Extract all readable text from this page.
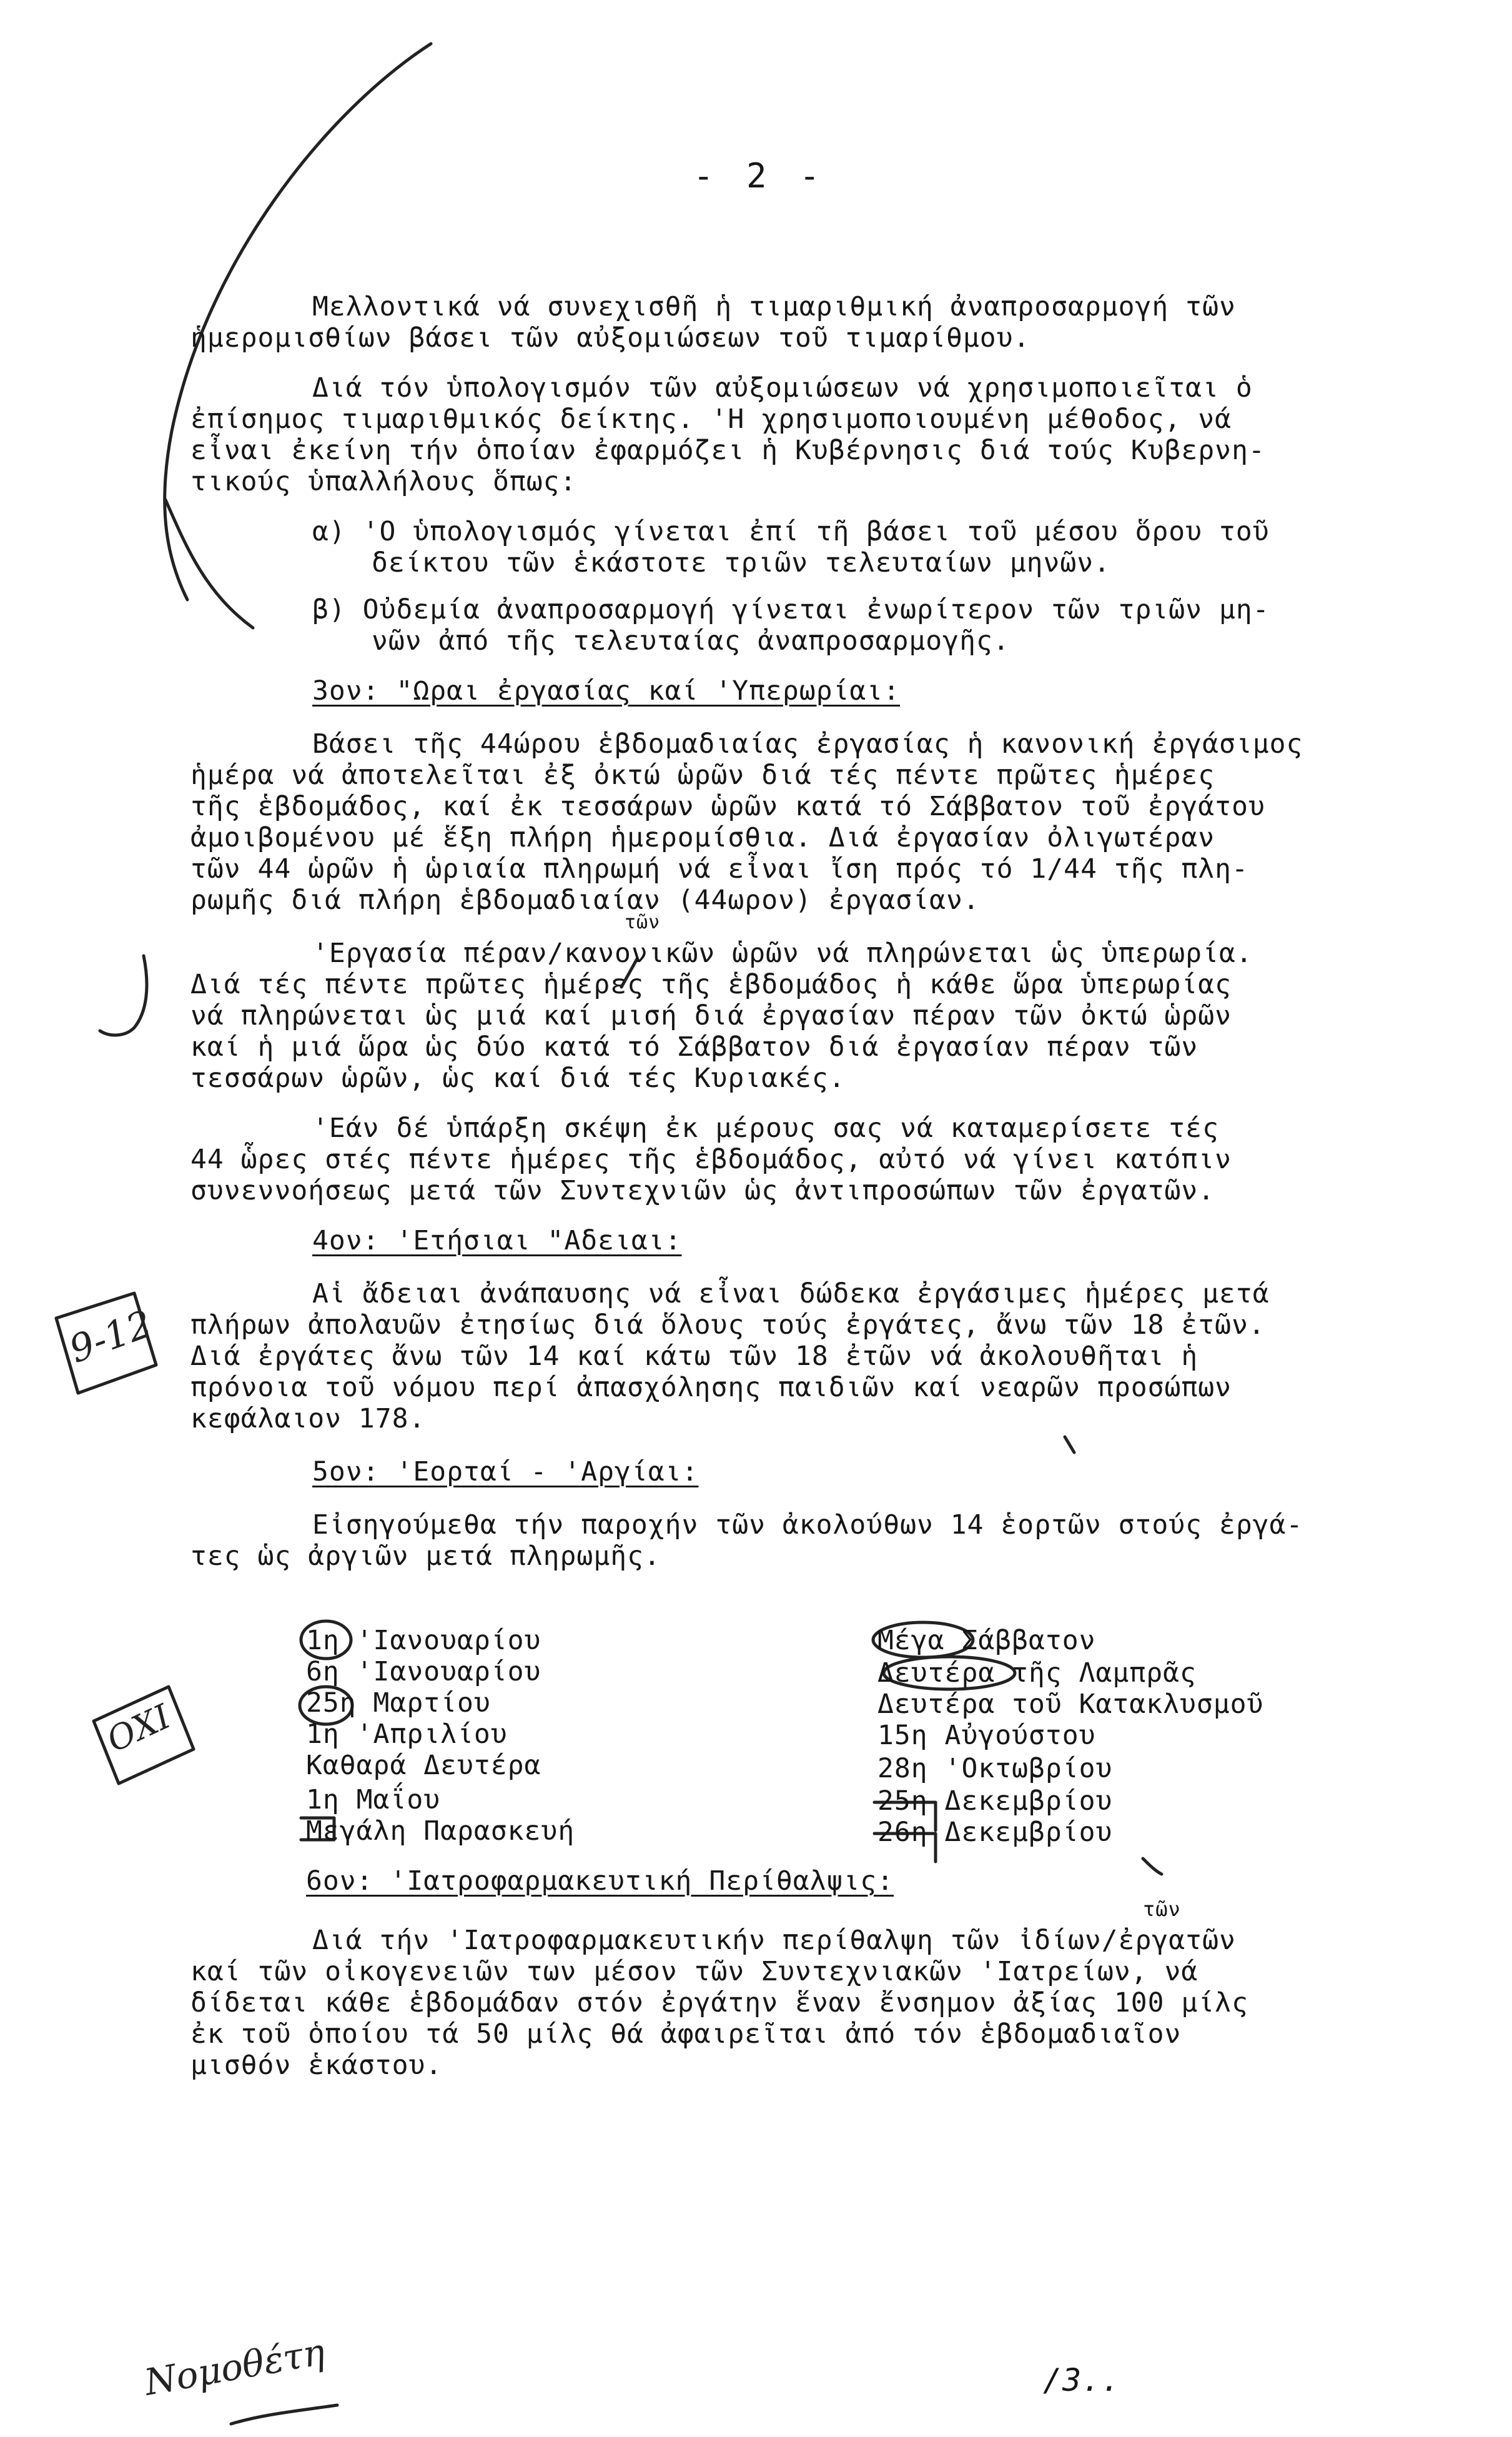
- 2 -
Μελλοντικά νά συνεχισθῆ ἡ τιμαριθμική ἀναπροσαρμογή τῶν
ἡμερομισθίων βάσει τῶν αὐξομιώσεων τοῦ τιμαρίθμου.
Διά τόν ὑπολογισμόν τῶν αὐξομιώσεων νά χρησιμοποιεῖται ὁ
ἐπίσημος τιμαριθμικός δείκτης. 'Η χρησιμοποιουμένη μέθοδος, νά
εἶναι ἐκείνη τήν ὁποίαν ἐφαρμόζει ἡ Κυβέρνησις διά τούς Κυβερνη-
τικούς ὑπαλλήλους ὅπως:
α) 'Ο ὑπολογισμός γίνεται ἐπί τῆ βάσει τοῦ μέσου ὅρου τοῦ
δείκτου τῶν ἑκάστοτε τριῶν τελευταίων μηνῶν.
β) Οὐδεμία ἀναπροσαρμογή γίνεται ἐνωρίτερον τῶν τριῶν μη-
νῶν ἀπό τῆς τελευταίας ἀναπροσαρμογῆς.
3ον: "Ωραι ἐργασίας καί 'Υπερωρίαι:
Βάσει τῆς 44ώρου ἑβδομαδιαίας ἐργασίας ἡ κανονική ἐργάσιμος
ἡμέρα νά ἀποτελεῖται ἐξ ὀκτώ ὡρῶν διά τές πέντε πρῶτες ἡμέρες
τῆς ἑβδομάδος, καί ἐκ τεσσάρων ὡρῶν κατά τό Σάββατον τοῦ ἐργάτου
ἀμοιβομένου μέ ἕξη πλήρη ἡμερομίσθια. Διά ἐργασίαν ὀλιγωτέραν
τῶν 44 ὡρῶν ἡ ὡριαία πληρωμή νά εἶναι ἴση πρός τό 1/44 τῆς πλη-
ρωμῆς διά πλήρη ἑβδομαδιαίαν (44ωρον) ἐργασίαν.
τῶν
'Εργασία πέραν/κανονικῶν ὡρῶν νά πληρώνεται ὡς ὑπερωρία.
Διά τές πέντε πρῶτες ἡμέρες τῆς ἑβδομάδος ἡ κάθε ὥρα ὑπερωρίας
νά πληρώνεται ὡς μιά καί μισή διά ἐργασίαν πέραν τῶν ὀκτώ ὡρῶν
καί ἡ μιά ὥρα ὡς δύο κατά τό Σάββατον διά ἐργασίαν πέραν τῶν
τεσσάρων ὡρῶν, ὡς καί διά τές Κυριακές.
'Εάν δέ ὑπάρξη σκέψη ἐκ μέρους σας νά καταμερίσετε τές
44 ὧρες στές πέντε ἡμέρες τῆς ἑβδομάδος, αὐτό νά γίνει κατόπιν
συνεννοήσεως μετά τῶν Συντεχνιῶν ὡς ἀντιπροσώπων τῶν ἐργατῶν.
4ον: 'Ετήσιαι "Αδειαι:
Αἱ ἄδειαι ἀνάπαυσης νά εἶναι δώδεκα ἐργάσιμες ἡμέρες μετά
πλήρων ἀπολαυῶν ἐτησίως διά ὅλους τούς ἐργάτες, ἄνω τῶν 18 ἐτῶν.
Διά ἐργάτες ἄνω τῶν 14 καί κάτω τῶν 18 ἐτῶν νά ἀκολουθῆται ἡ
πρόνοια τοῦ νόμου περί ἀπασχόλησης παιδιῶν καί νεαρῶν προσώπων
κεφάλαιον 178.
5ον: 'Εορταί - 'Αργίαι:
Εἰσηγούμεθα τήν παροχήν τῶν ἀκολούθων 14 ἑορτῶν στούς ἐργά-
τες ὡς ἀργιῶν μετά πληρωμῆς.
1η 'Ιανουαρίου
6η 'Ιανουαρίου
25η Μαρτίου
1η 'Απριλίου
Καθαρά Δευτέρα
1η Μαΐου
Μεγάλη Παρασκευή
Μέγα Σάββατον
Δευτέρα τῆς Λαμπρᾶς
Δευτέρα τοῦ Κατακλυσμοῦ
15η Αὐγούστου
28η 'Οκτωβρίου
25η Δεκεμβρίου
26η Δεκεμβρίου
6ον: 'Ιατροφαρμακευτική Περίθαλψις:
τῶν
Διά τήν 'Ιατροφαρμακευτικήν περίθαλψη τῶν ἰδίων/ἐργατῶν
καί τῶν οἰκογενειῶν των μέσον τῶν Συντεχνιακῶν 'Ιατρείων, νά
δίδεται κάθε ἑβδομάδαν στόν ἐργάτην ἕναν ἔνσημον ἀξίας 100 μίλς
ἐκ τοῦ ὁποίου τά 50 μίλς θά ἀφαιρεῖται ἀπό τόν ἑβδομαδιαῖον
μισθόν ἑκάστου.
9-12
ΟΧΙ
Νομοθέτη	/3..
